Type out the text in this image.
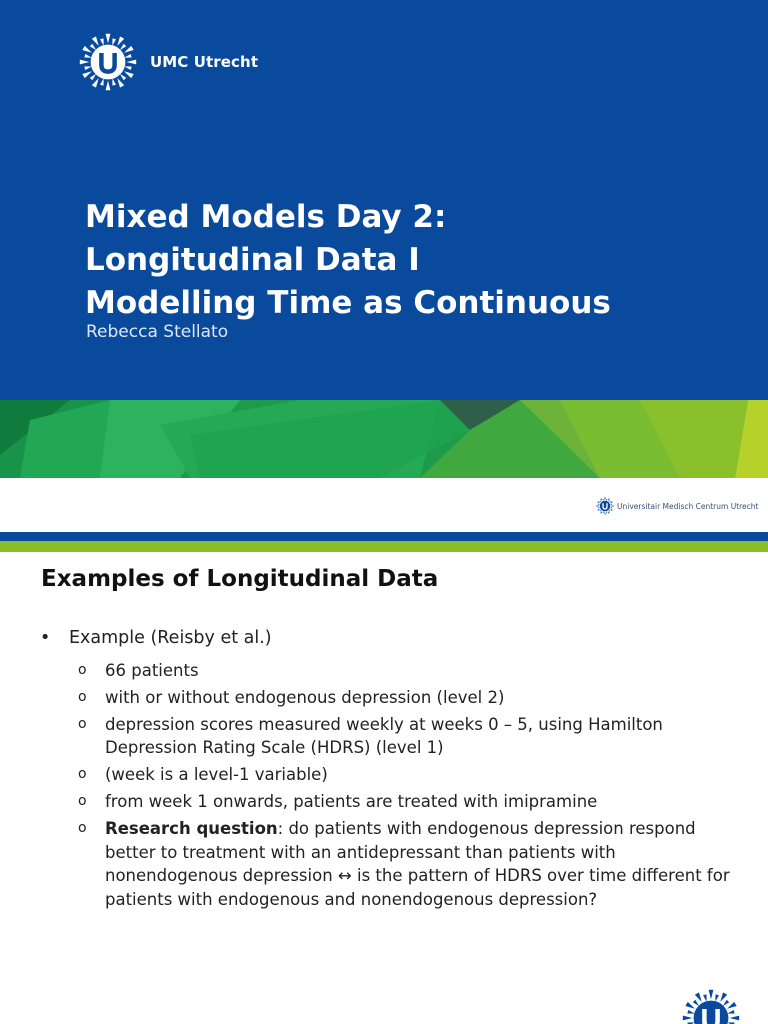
UMC Utrecht
Mixed Models Day 2:
Longitudinal Data I
Modelling Time as Continuous
Rebecca Stellato
Universitair Medisch Centrum Utrecht
Examples of Longitudinal Data
• Example (Reisby et al.)
o 66 patients
o with or without endogenous depression (level 2)
o depression scores measured weekly at weeks 0 – 5, using Hamilton Depression Rating Scale (HDRS) (level 1)
o (week is a level-1 variable)
o from week 1 onwards, patients are treated with imipramine
o Research question: do patients with endogenous depression respond better to treatment with an antidepressant than patients with nonendogenous depression ↔ is the pattern of HDRS over time different for patients with endogenous and nonendogenous depression?
